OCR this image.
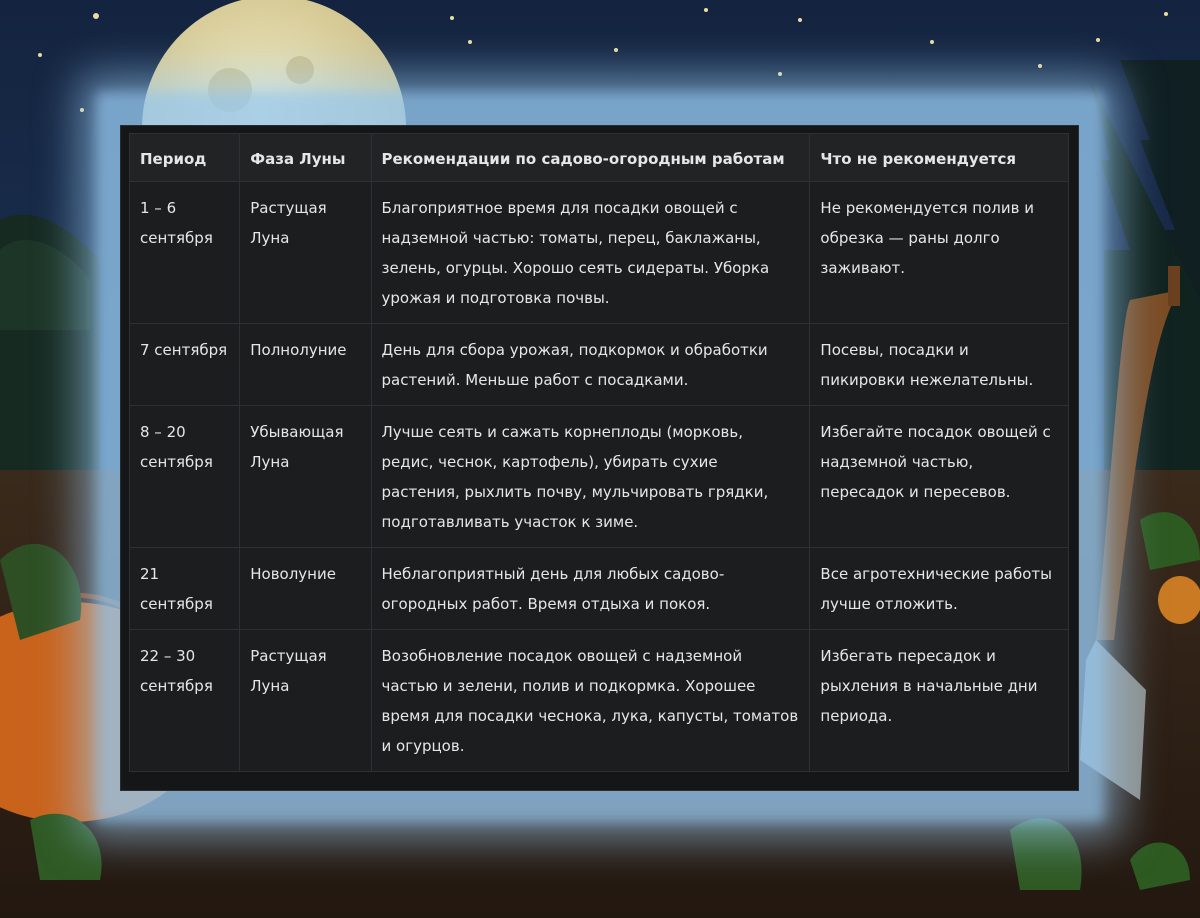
Период	Фаза Луны	Рекомендации по садово-огородным работам	Что не рекомендуется
1 – 6 сентября	Растущая Луна	Благоприятное время для посадки овощей с надземной частью: томаты, перец, баклажаны, зелень, огурцы. Хорошо сеять сидераты. Уборка урожая и подготовка почвы.	Не рекомендуется полив и обрезка — раны долго заживают.
7 сентября	Полнолуние	День для сбора урожая, подкормок и обработки растений. Меньше работ с посадками.	Посевы, посадки и пикировки нежелательны.
8 – 20 сентября	Убывающая Луна	Лучше сеять и сажать корнеплоды (морковь, редис, чеснок, картофель), убирать сухие растения, рыхлить почву, мульчировать грядки, подготавливать участок к зиме.	Избегайте посадок овощей с надземной частью, пересадок и пересевов.
21 сентября	Новолуние	Неблагоприятный день для любых садово-огородных работ. Время отдыха и покоя.	Все агротехнические работы лучше отложить.
22 – 30 сентября	Растущая Луна	Возобновление посадок овощей с надземной частью и зелени, полив и подкормка. Хорошее время для посадки чеснока, лука, капусты, томатов и огурцов.	Избегать пересадок и рыхления в начальные дни периода.
